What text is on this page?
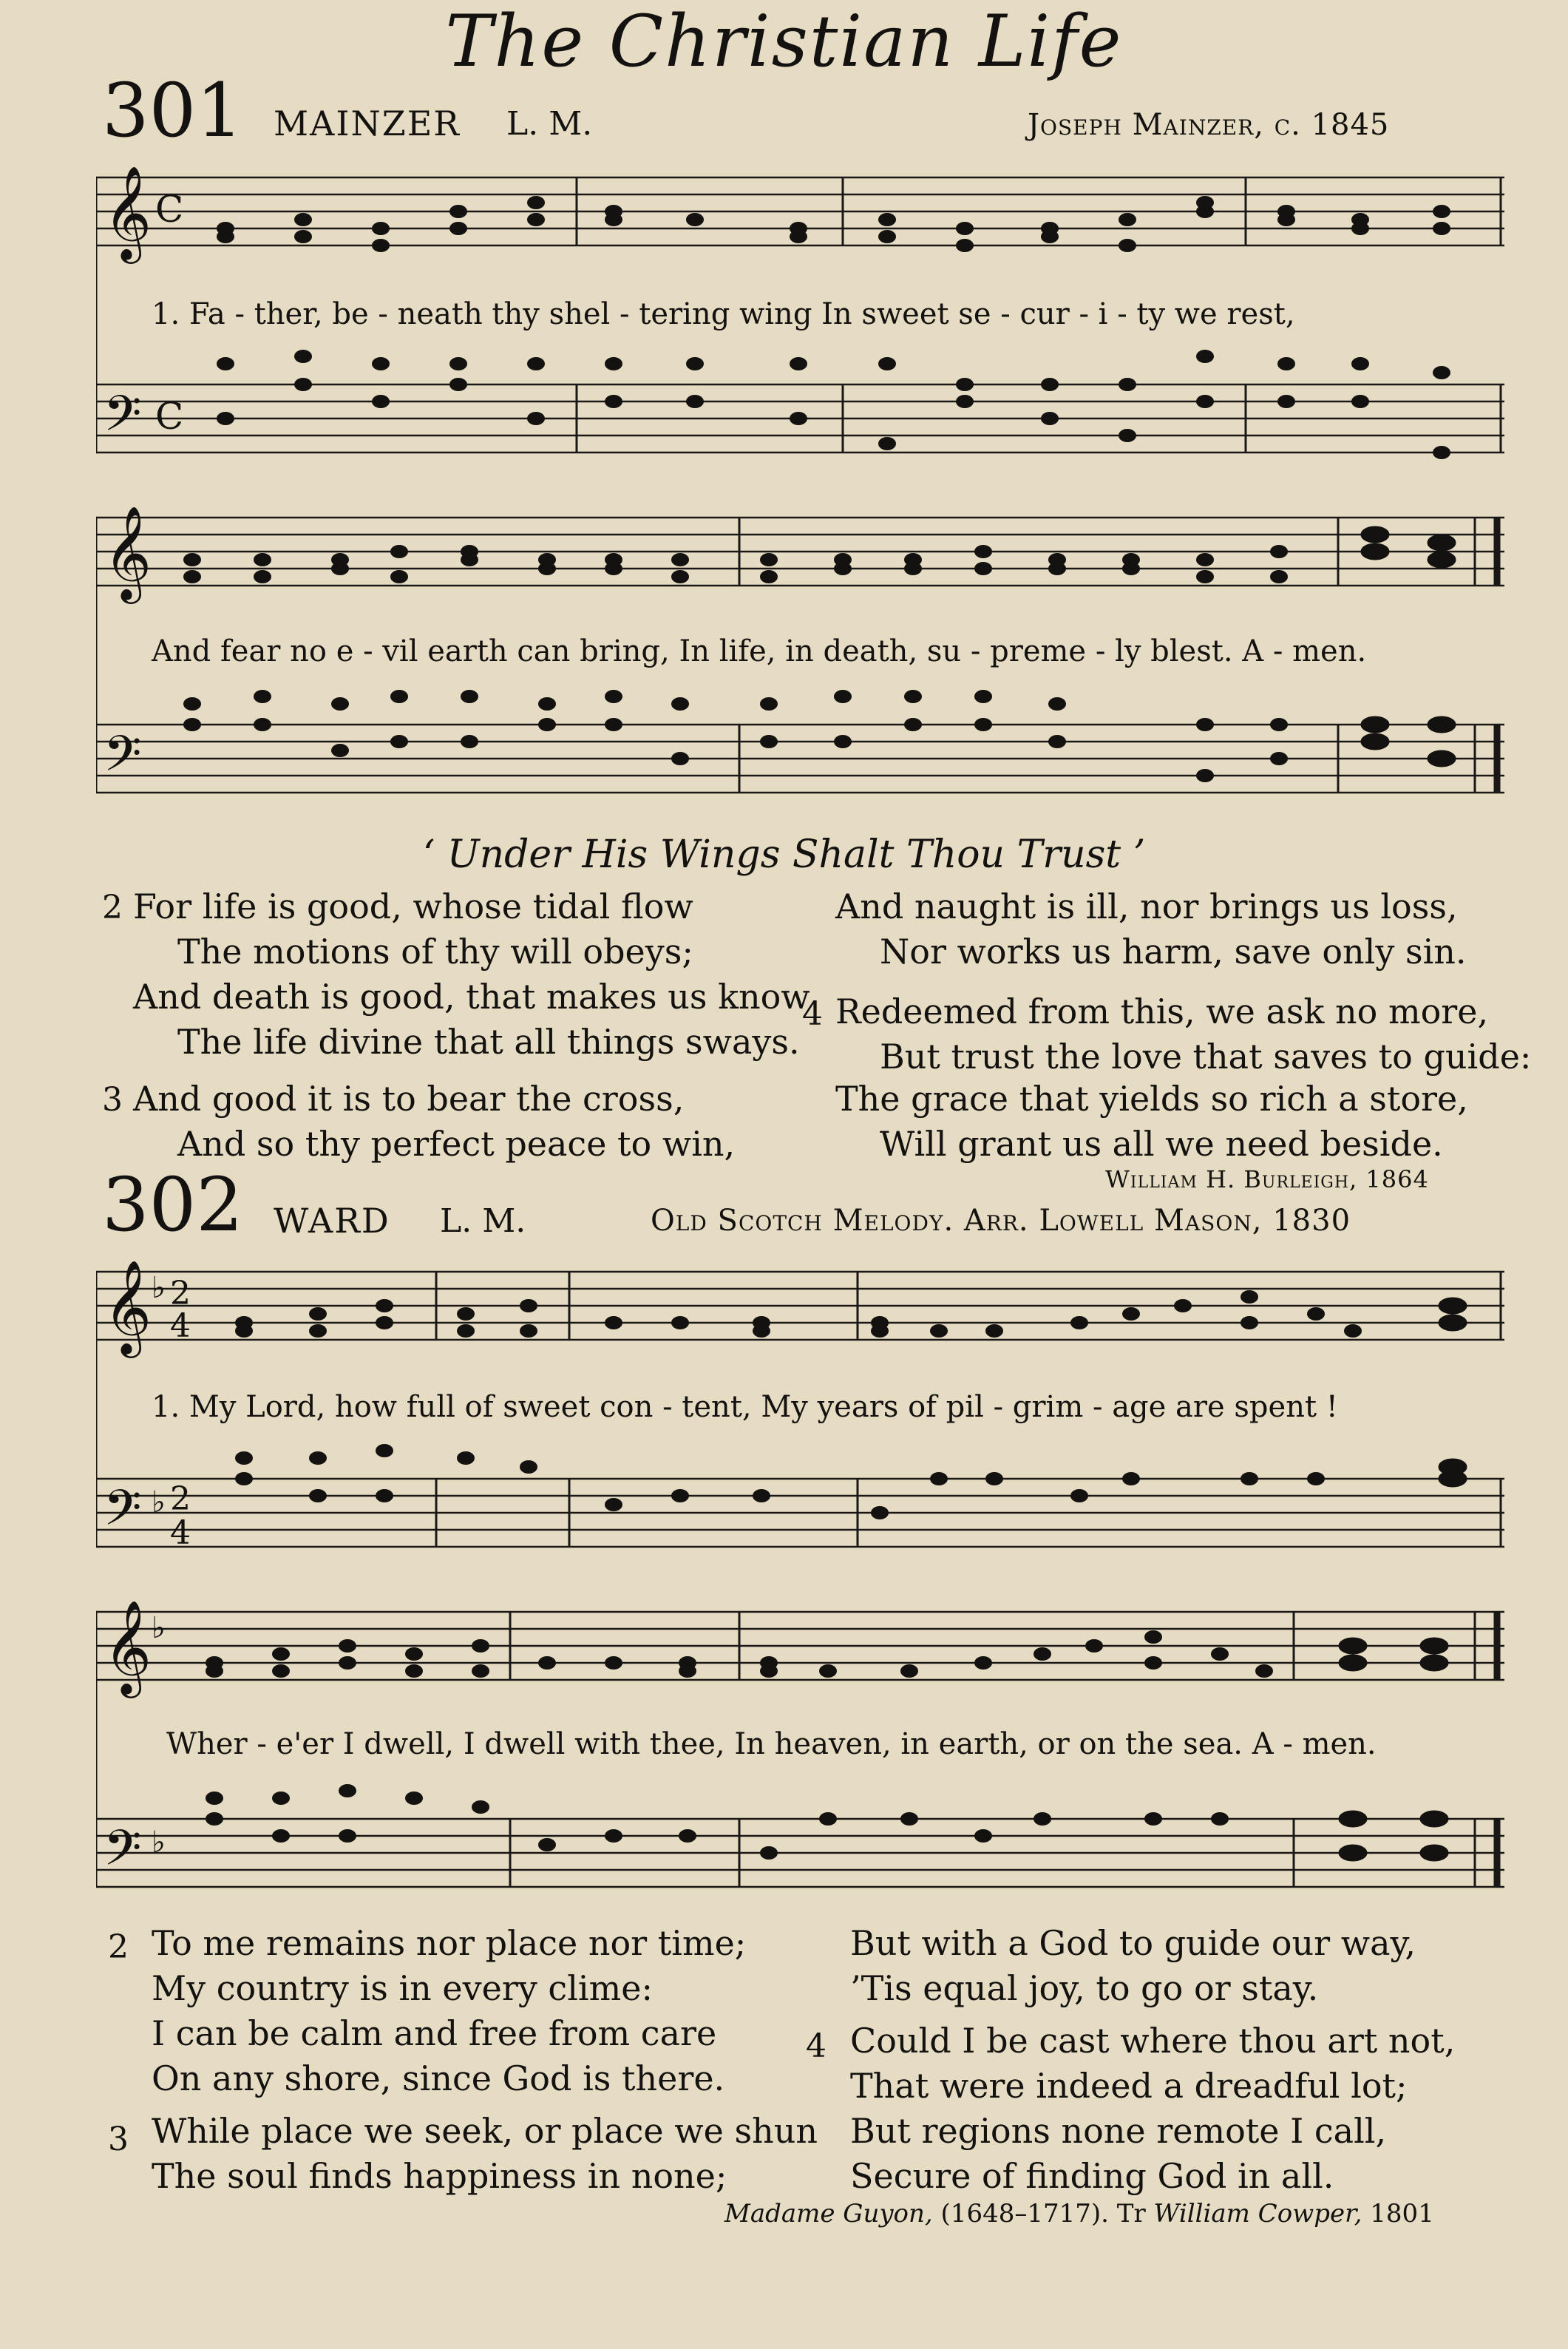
The Christian Life
301 MAINZER L. M.	Joseph Mainzer, c. 1845
𝄞 C
𝄢 C
1. Fa - ther, be - neath thy shel - tering wing In sweet se - cur - i - ty we rest,
𝄞
𝄢
And fear no e - vil earth can bring, In life, in death, su - preme - ly blest. A - men.
‘ Under His Wings Shalt Thou Trust ’
2 For life is good, whose tidal flow
The motions of thy will obeys;
And death is good, that makes us know
The life divine that all things sways.
3 And good it is to bear the cross,
And so thy perfect peace to win,
And naught is ill, nor brings us loss,
Nor works us harm, save only sin.
4 Redeemed from this, we ask no more,
But trust the love that saves to guide:
The grace that yields so rich a store,
Will grant us all we need beside.
William H. Burleigh, 1864
302 WARD L. M.	Old Scotch Melody. Arr. Lowell Mason, 1830
𝄞 ♭ 2
4
𝄢 ♭ 2
4
1. My Lord, how full of sweet con - tent, My years of pil - grim - age are spent !
𝄞 ♭
𝄢 ♭
Wher - e'er I dwell, I dwell with thee, In heaven, in earth, or on the sea. A - men.
2 To me remains nor place nor time;
My country is in every clime:
I can be calm and free from care
On any shore, since God is there.
3 While place we seek, or place we shun
The soul finds happiness in none;
But with a God to guide our way,
’Tis equal joy, to go or stay.
4 Could I be cast where thou art not,
That were indeed a dreadful lot;
But regions none remote I call,
Secure of finding God in all.
Madame Guyon, (1648–1717). Tr William Cowper, 1801
